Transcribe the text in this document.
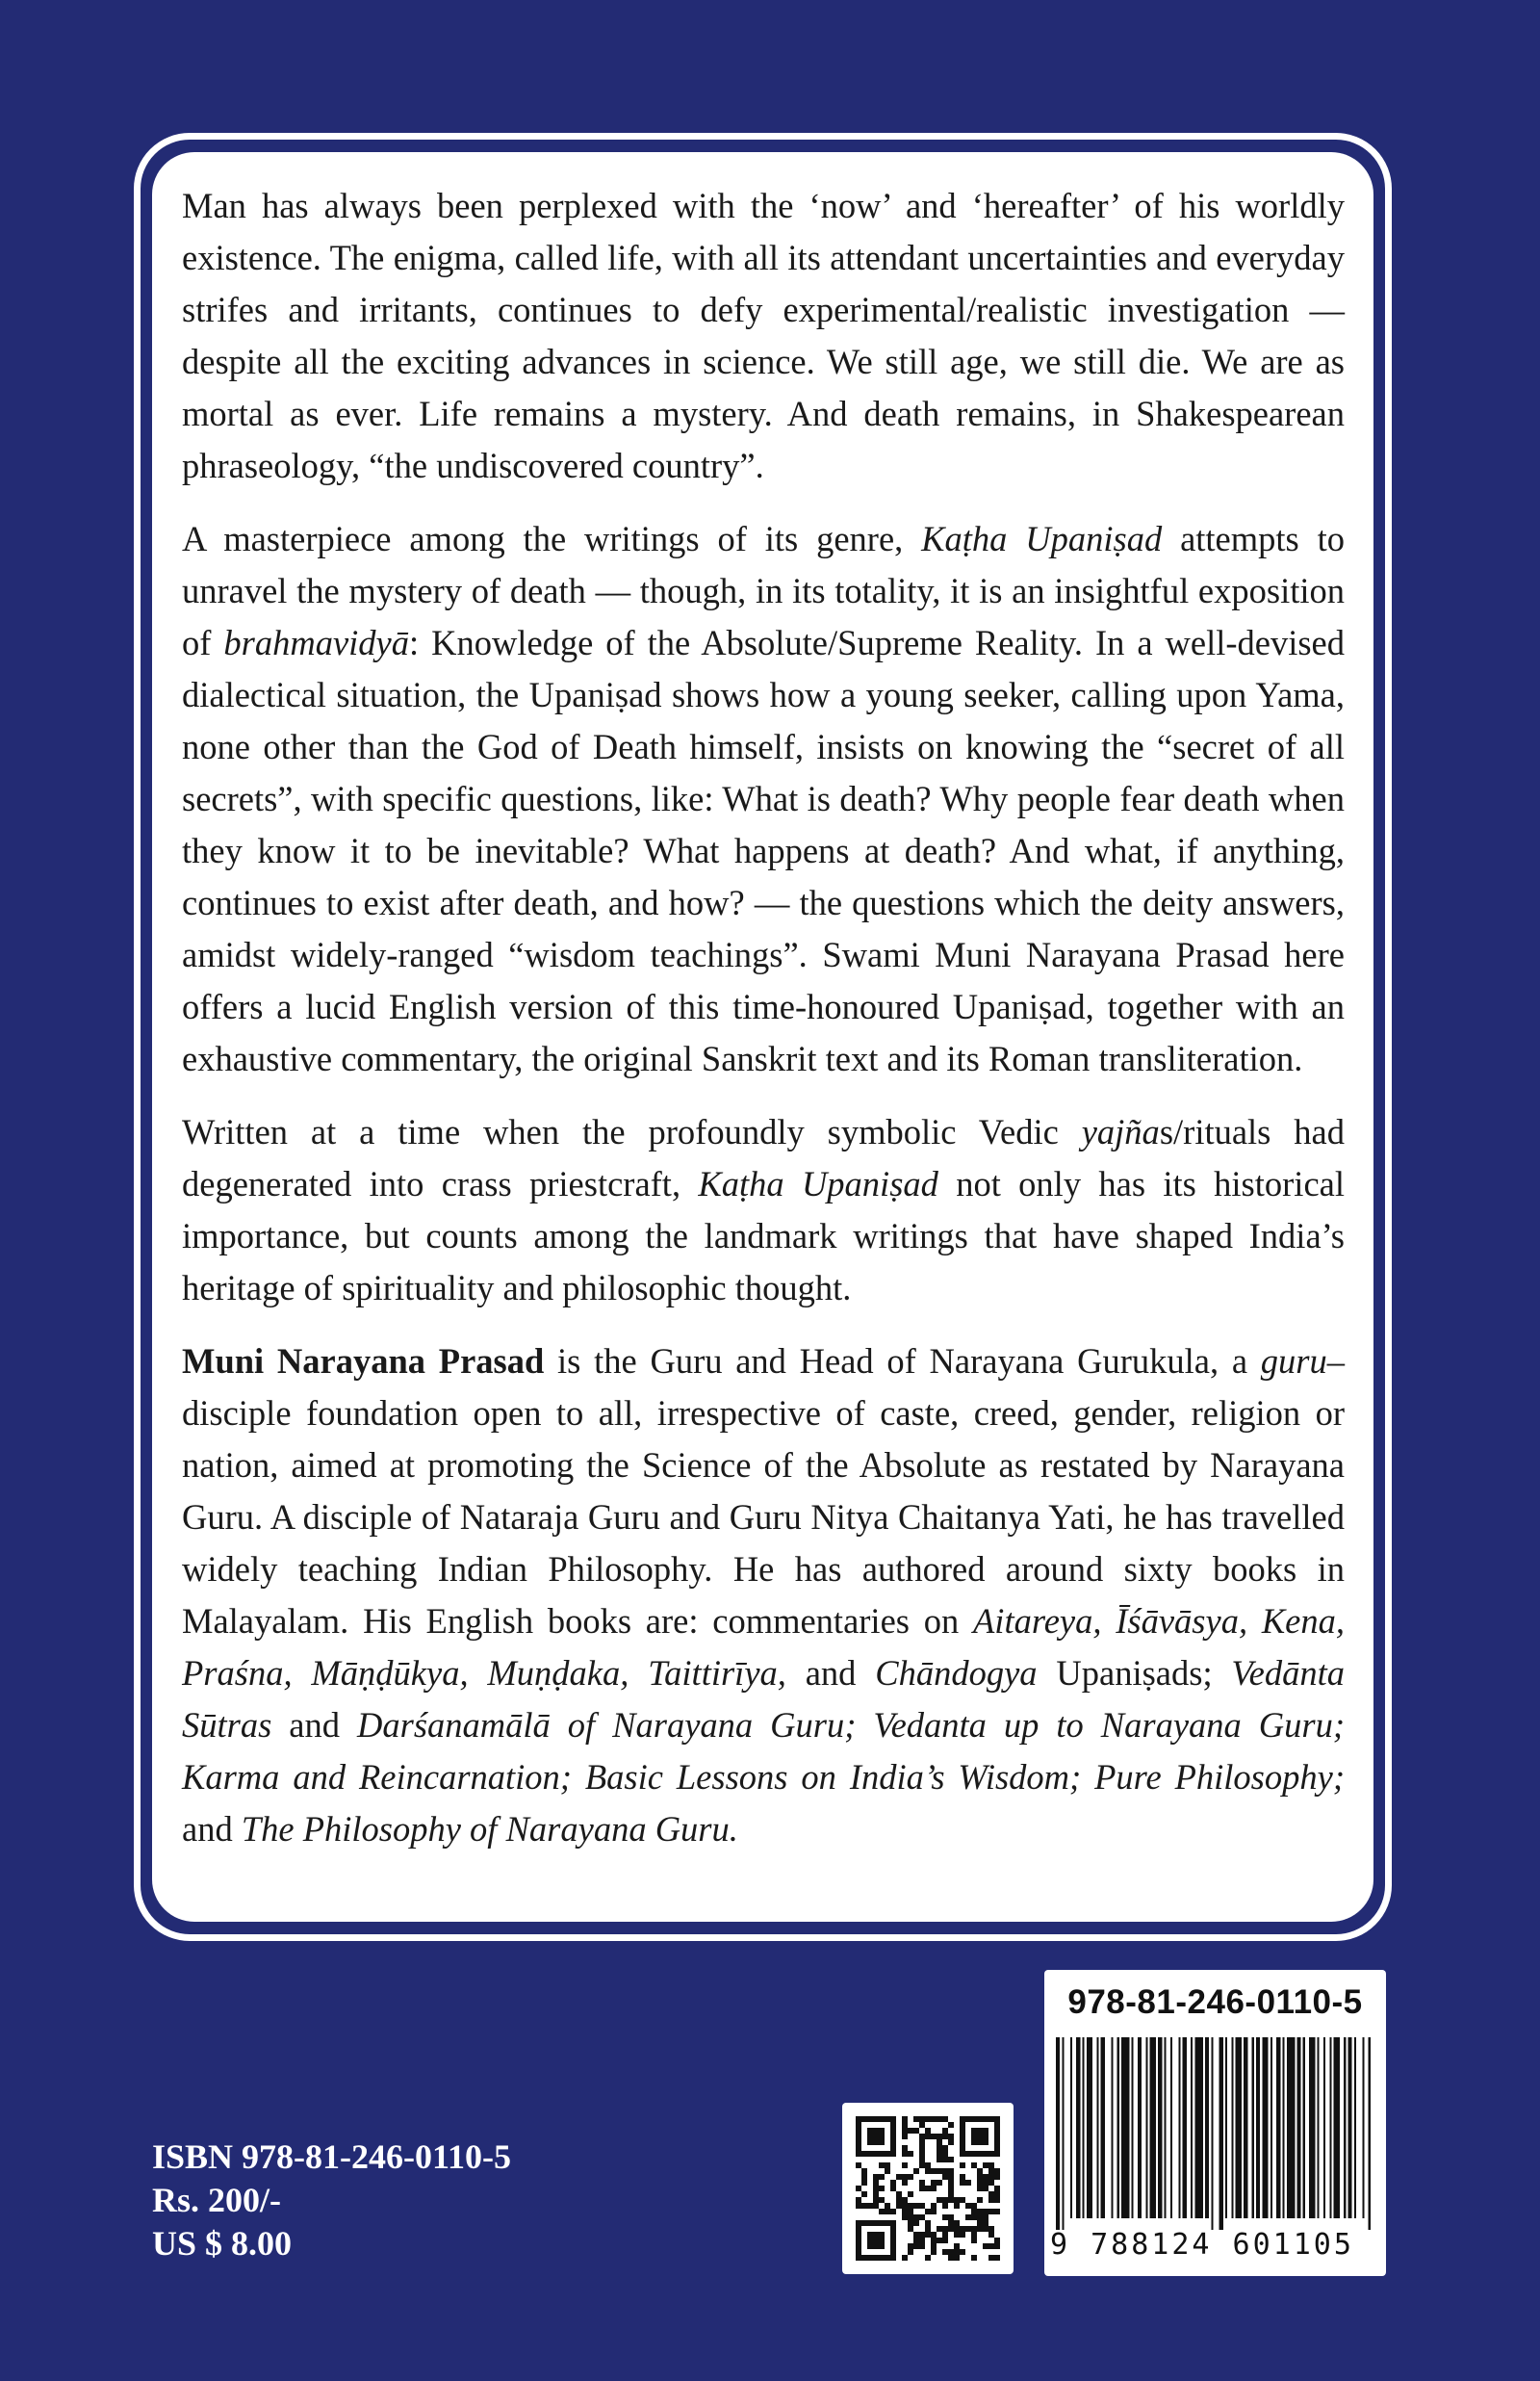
Man has always been perplexed with the ‘now’ and ‘hereafter’ of his worldly existence. The enigma, called life, with all its attendant uncertainties and everyday strifes and irritants, continues to defy experimental/realistic investigation — despite all the exciting advances in science. We still age, we still die. We are as mortal as ever. Life remains a mystery. And death remains, in Shakespearean phraseology, “the undiscovered country”.

A masterpiece among the writings of its genre, Kaṭha Upaniṣad attempts to unravel the mystery of death — though, in its totality, it is an insightful exposition of brahmavidyā: Knowledge of the Absolute/Supreme Reality. In a well-devised dialectical situation, the Upaniṣad shows how a young seeker, calling upon Yama, none other than the God of Death himself, insists on knowing the “secret of all secrets”, with specific questions, like: What is death? Why people fear death when they know it to be inevitable? What happens at death? And what, if anything, continues to exist after death, and how? — the questions which the deity answers, amidst widely-ranged “wisdom teachings”. Swami Muni Narayana Prasad here offers a lucid English version of this time-honoured Upaniṣad, together with an exhaustive commentary, the original Sanskrit text and its Roman transliteration.

Written at a time when the profoundly symbolic Vedic yajñas/rituals had degenerated into crass priestcraft, Kaṭha Upaniṣad not only has its historical importance, but counts among the landmark writings that have shaped India’s heritage of spirituality and philosophic thought.

Muni Narayana Prasad is the Guru and Head of Narayana Gurukula, a guru–disciple foundation open to all, irrespective of caste, creed, gender, religion or nation, aimed at promoting the Science of the Absolute as restated by Narayana Guru. A disciple of Nataraja Guru and Guru Nitya Chaitanya Yati, he has travelled widely teaching Indian Philosophy. He has authored around sixty books in Malayalam. His English books are: commentaries on Aitareya, Īśāvāsya, Kena, Praśna, Māṇḍūkya, Muṇḍaka, Taittirīya, and Chāndogya Upaniṣads; Vedānta Sūtras and Darśanamālā of Narayana Guru; Vedanta up to Narayana Guru; Karma and Reincarnation; Basic Lessons on India’s Wisdom; Pure Philosophy; and The Philosophy of Narayana Guru.

ISBN 978-81-246-0110-5
Rs. 200/-
US $ 8.00
978-81-246-0110-5
9 788124 601105
